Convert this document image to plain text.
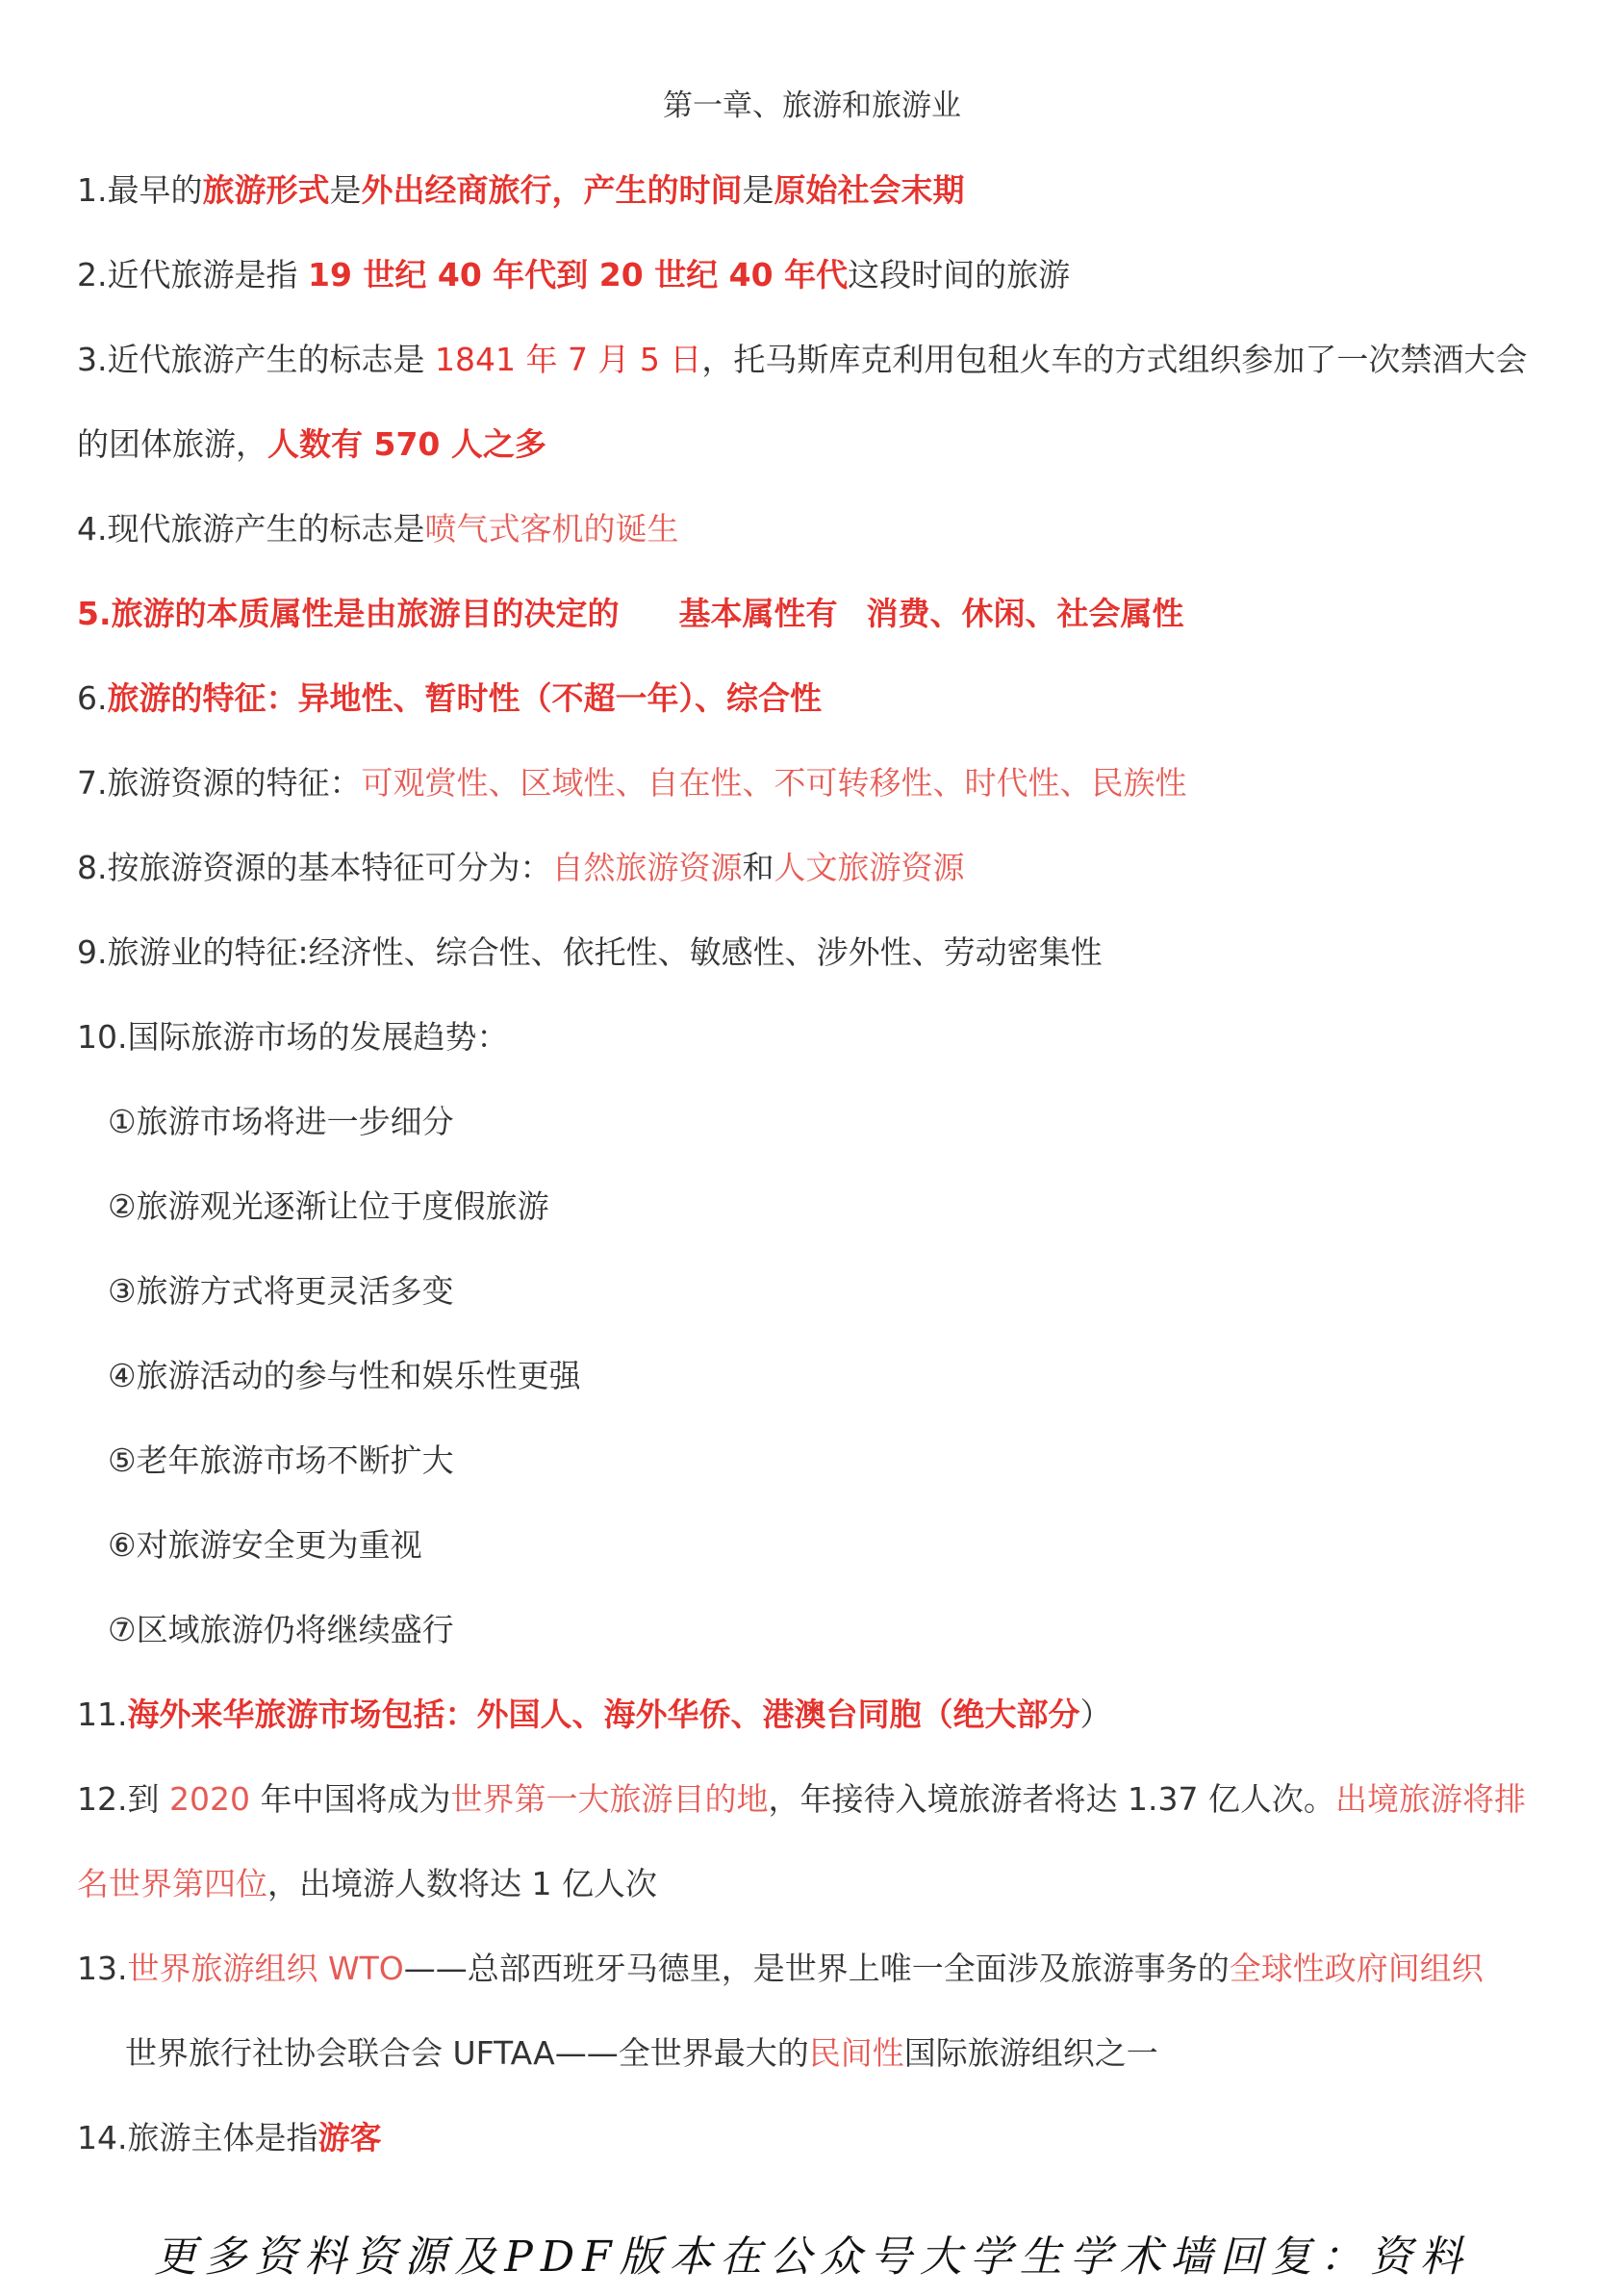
第一章、旅游和旅游业
1.最早的旅游形式是外出经商旅行，产生的时间是原始社会末期
2.近代旅游是指 19 世纪 40 年代到 20 世纪 40 年代这段时间的旅游
3.近代旅游产生的标志是 1841 年 7 月 5 日，托马斯库克利用包租火车的方式组织参加了一次禁酒大会
的团体旅游，人数有 570 人之多
4.现代旅游产生的标志是喷气式客机的诞生
5.旅游的本质属性是由旅游目的决定的 基本属性有 消费、休闲、社会属性
6.旅游的特征：异地性、暂时性（不超一年）、综合性
7.旅游资源的特征：可观赏性、区域性、自在性、不可转移性、时代性、民族性
8.按旅游资源的基本特征可分为：自然旅游资源和人文旅游资源
9.旅游业的特征:经济性、综合性、依托性、敏感性、涉外性、劳动密集性
10.国际旅游市场的发展趋势：
①旅游市场将进一步细分
②旅游观光逐渐让位于度假旅游
③旅游方式将更灵活多变
④旅游活动的参与性和娱乐性更强
⑤老年旅游市场不断扩大
⑥对旅游安全更为重视
⑦区域旅游仍将继续盛行
11.海外来华旅游市场包括：外国人、海外华侨、港澳台同胞（绝大部分）
12.到 2020 年中国将成为世界第一大旅游目的地，年接待入境旅游者将达 1.37 亿人次。出境旅游将排
名世界第四位，出境游人数将达 1 亿人次
13.世界旅游组织 WTO——总部西班牙马德里，是世界上唯一全面涉及旅游事务的全球性政府间组织
世界旅行社协会联合会 UFTAA——全世界最大的民间性国际旅游组织之一
14.旅游主体是指游客
更多资料资源及PDF版本在公众号大学生学术墙回复：资料
